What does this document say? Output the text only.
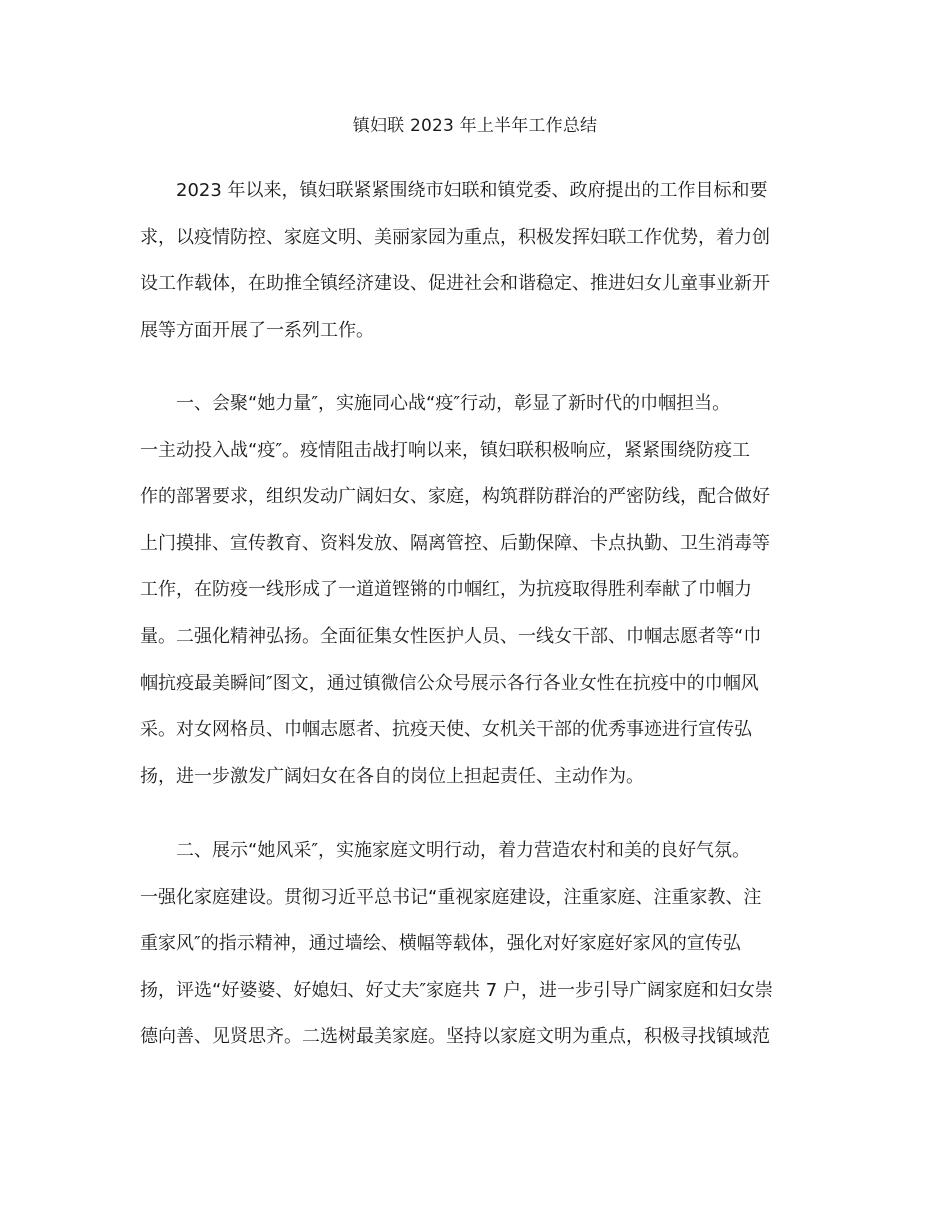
镇妇联 2023 年上半年工作总结
2023 年以来，镇妇联紧紧围绕市妇联和镇党委、政府提出的工作目标和要
求，以疫情防控、家庭文明、美丽家园为重点，积极发挥妇联工作优势，着力创
设工作载体，在助推全镇经济建设、促进社会和谐稳定、推进妇女儿童事业新开
展等方面开展了一系列工作。
一、会聚“她力量″，实施同心战“疫″行动，彰显了新时代的巾帼担当。
一主动投入战“疫″。疫情阻击战打响以来，镇妇联积极响应，紧紧围绕防疫工
作的部署要求，组织发动广阔妇女、家庭，构筑群防群治的严密防线，配合做好
上门摸排、宣传教育、资料发放、隔离管控、后勤保障、卡点执勤、卫生消毒等
工作，在防疫一线形成了一道道铿锵的巾帼红，为抗疫取得胜利奉献了巾帼力
量。二强化精神弘扬。全面征集女性医护人员、一线女干部、巾帼志愿者等“巾
帼抗疫最美瞬间″图文，通过镇微信公众号展示各行各业女性在抗疫中的巾帼风
采。对女网格员、巾帼志愿者、抗疫天使、女机关干部的优秀事迹进行宣传弘
扬，进一步激发广阔妇女在各自的岗位上担起责任、主动作为。
二、展示“她风采″，实施家庭文明行动，着力营造农村和美的良好气氛。
一强化家庭建设。贯彻习近平总书记“重视家庭建设，注重家庭、注重家教、注
重家风″的指示精神，通过墙绘、横幅等载体，强化对好家庭好家风的宣传弘
扬，评选“好婆婆、好媳妇、好丈夫″家庭共 7 户，进一步引导广阔家庭和妇女崇
德向善、见贤思齐。二选树最美家庭。坚持以家庭文明为重点，积极寻找镇域范
